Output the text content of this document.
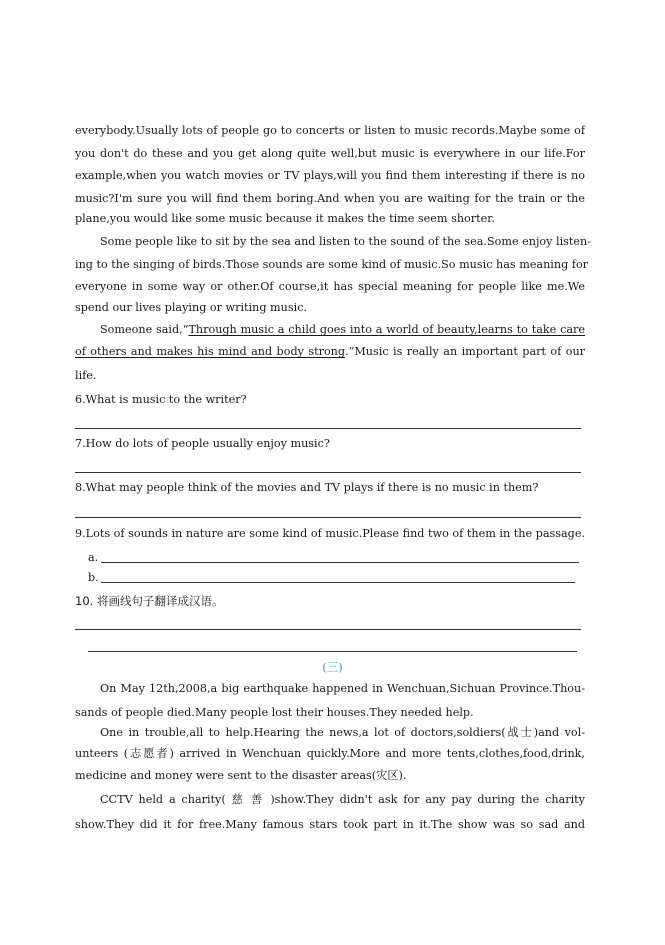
everybody.Usually lots of people go to concerts or listen to music records.Maybe some of
you don't do these and you get along quite well,but music is everywhere in our life.For
example,when you watch movies or TV plays,will you find them interesting if there is no
music?I'm sure you will find them boring.And when you are waiting for the train or the
plane,you would like some music because it makes the time seem shorter.
Some people like to sit by the sea and listen to the sound of the sea.Some enjoy listen-
ing to the singing of birds.Those sounds are some kind of music.So music has meaning for
everyone in some way or other.Of course,it has special meaning for people like me.We
spend our lives playing or writing music.
Someone said,“Through music a child goes into a world of beauty,learns to take care
of others and makes his mind and body strong.”Music is really an important part of our
life.
6.What is music to the writer?
7.How do lots of people usually enjoy music?
8.What may people think of the movies and TV plays if there is no music in them?
9.Lots of sounds in nature are some kind of music.Please find two of them in the passage.
a.
b.
10. 将画线句子翻译成汉语。
(三)
On May 12th,2008,a big earthquake happened in Wenchuan,Sichuan Province.Thou-
sands of people died.Many people lost their houses.They needed help.
One in trouble,all to help.Hearing the news,a lot of doctors,soldiers(战士)and vol-
unteers (志愿者) arrived in Wenchuan quickly.More and more tents,clothes,food,drink,
medicine and money were sent to the disaster areas(灾区).
CCTV held a charity( 慈 善 )show.They didn't ask for any pay during the charity
show.They did it for free.Many famous stars took part in it.The show was so sad and
